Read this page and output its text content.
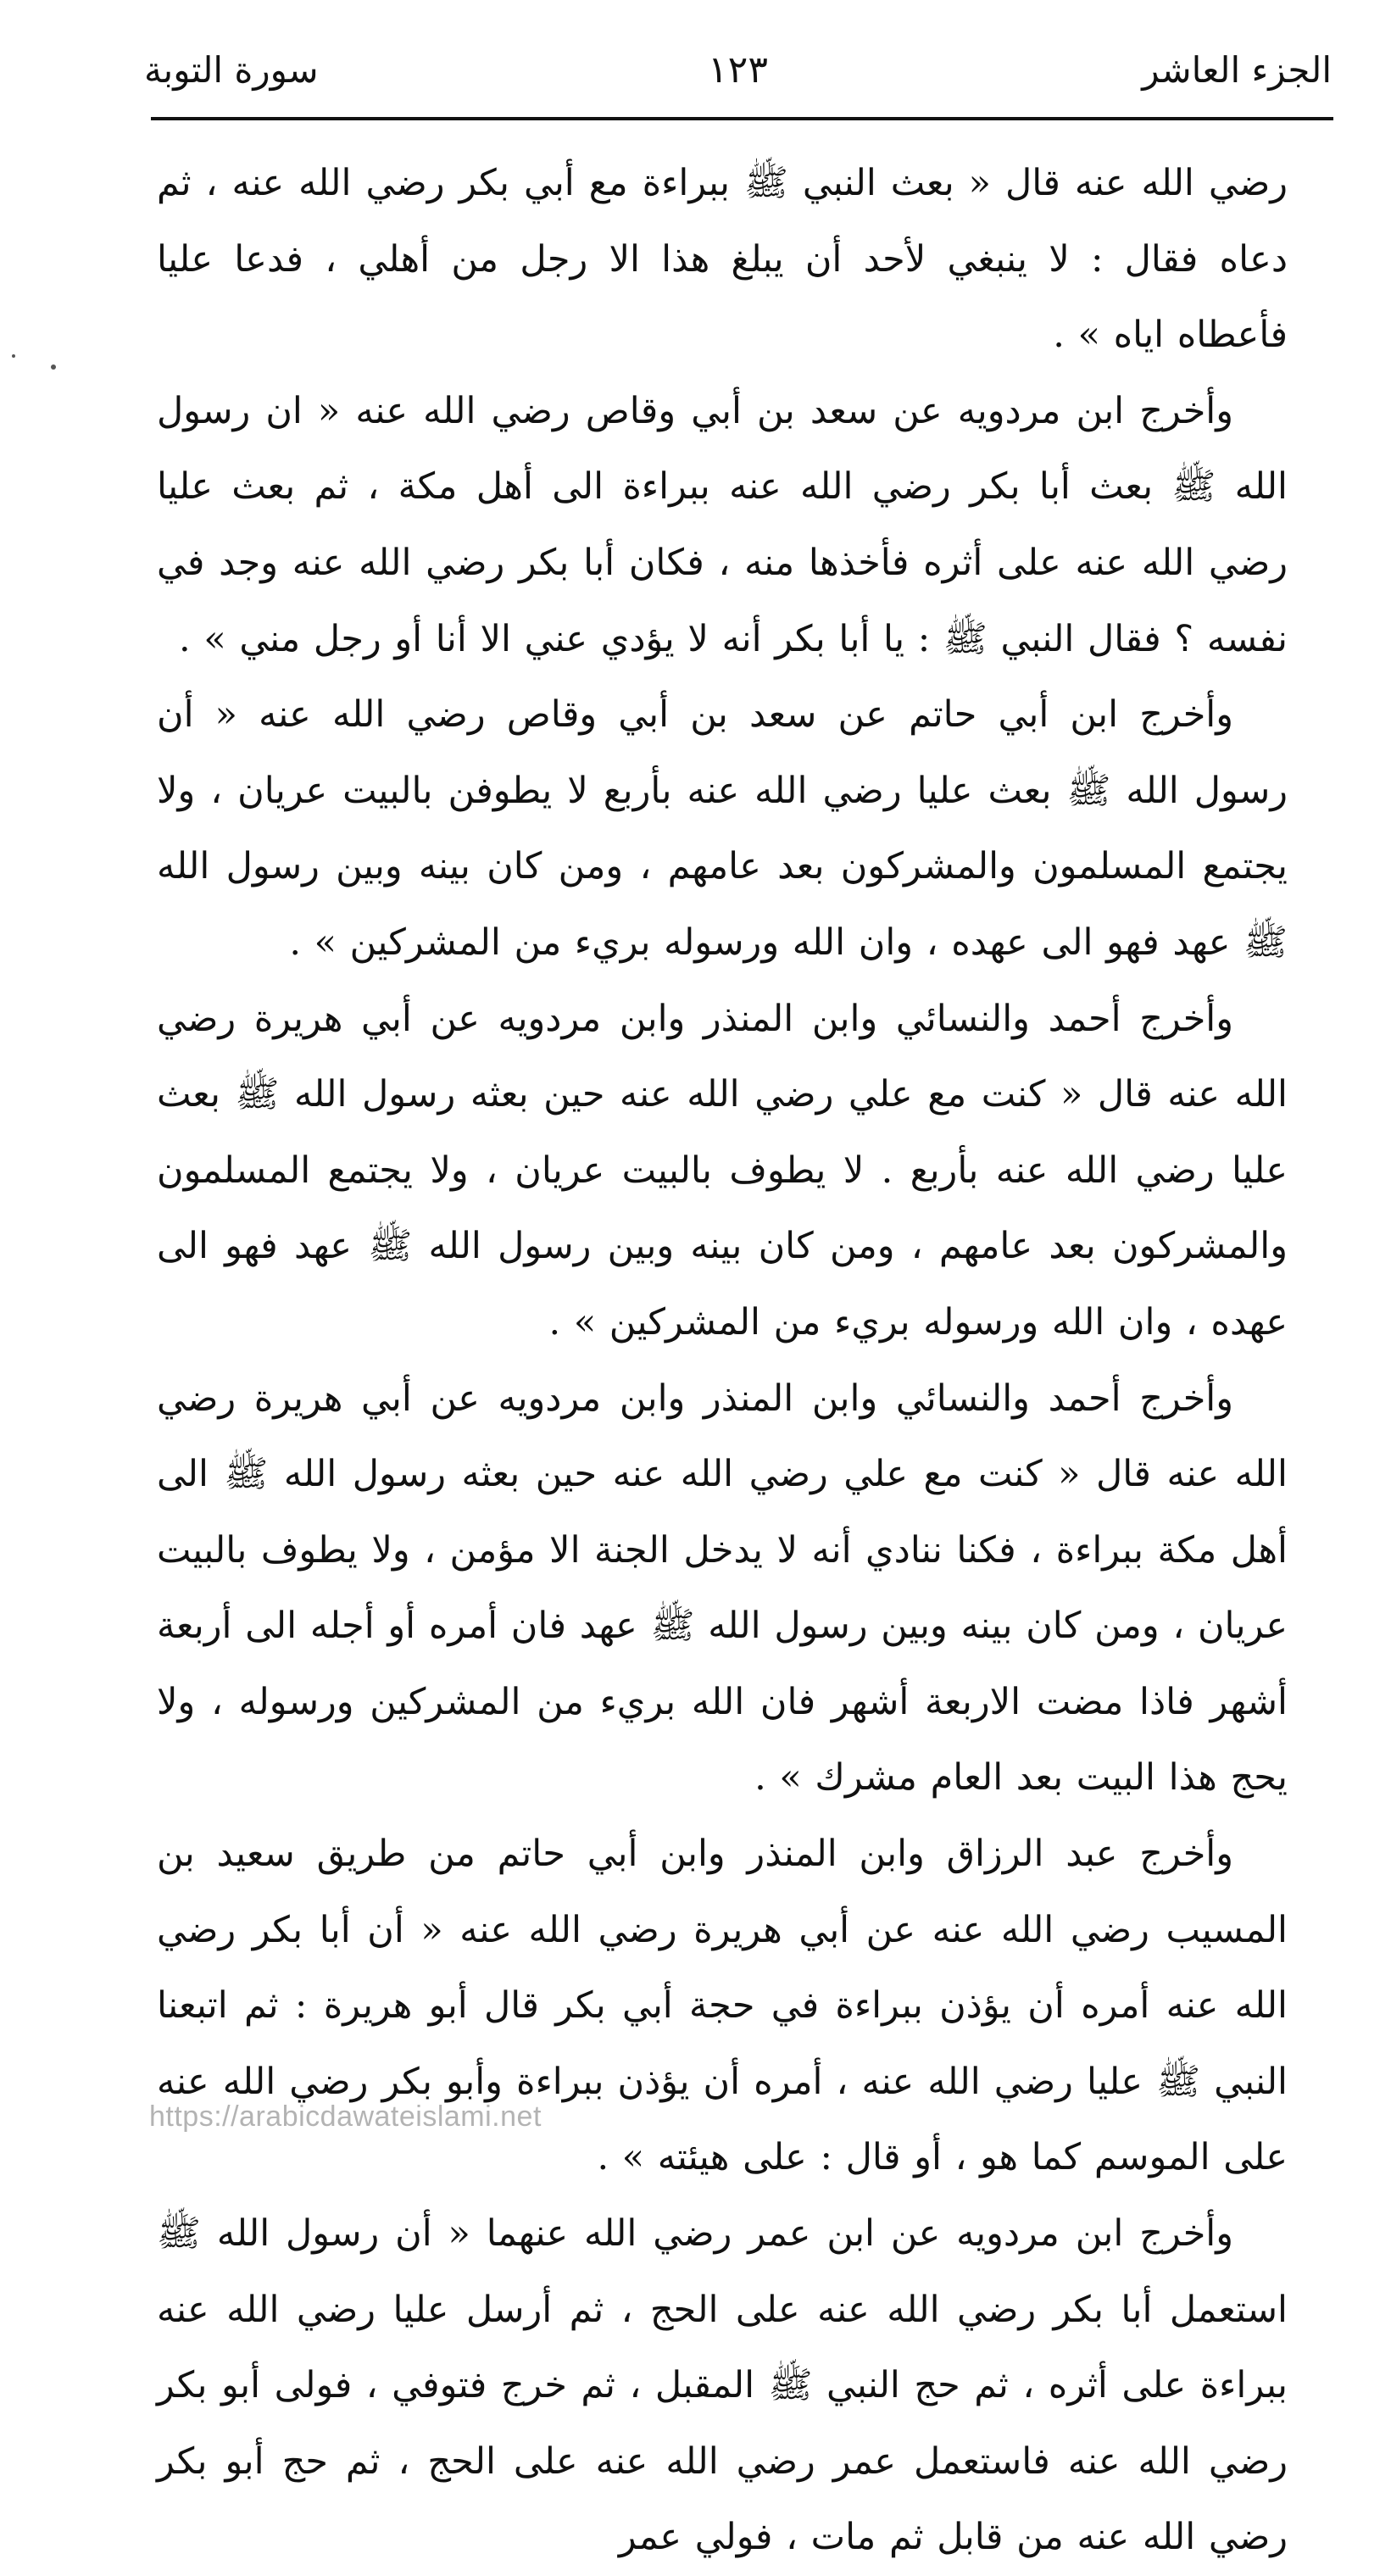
الجزء العاشر
١٢٣
سورة التوبة

رضي الله عنه قال « بعث النبي ﷺ ببراءة مع أبي بكر رضي الله عنه ، ثم دعاه فقال : لا ينبغي لأحد أن يبلغ هذا الا رجل من أهلي ، فدعا عليا فأعطاه اياه » .

وأخرج ابن مردويه عن سعد بن أبي وقاص رضي الله عنه « ان رسول الله ﷺ بعث أبا بكر رضي الله عنه ببراءة الى أهل مكة ، ثم بعث عليا رضي الله عنه على أثره فأخذها منه ، فكان أبا بكر رضي الله عنه وجد في نفسه ؟ فقال النبي ﷺ : يا أبا بكر أنه لا يؤدي عني الا أنا أو رجل مني » .

وأخرج ابن أبي حاتم عن سعد بن أبي وقاص رضي الله عنه « أن رسول الله ﷺ بعث عليا رضي الله عنه بأربع لا يطوفن بالبيت عريان ، ولا يجتمع المسلمون والمشركون بعد عامهم ، ومن كان بينه وبين رسول الله ﷺ عهد فهو الى عهده ، وان الله ورسوله بريء من المشركين » .

وأخرج أحمد والنسائي وابن المنذر وابن مردويه عن أبي هريرة رضي الله عنه قال « كنت مع علي رضي الله عنه حين بعثه رسول الله ﷺ بعث عليا رضي الله عنه بأربع . لا يطوف بالبيت عريان ، ولا يجتمع المسلمون والمشركون بعد عامهم ، ومن كان بينه وبين رسول الله ﷺ عهد فهو الى عهده ، وان الله ورسوله بريء من المشركين » .

وأخرج أحمد والنسائي وابن المنذر وابن مردويه عن أبي هريرة رضي الله عنه قال « كنت مع علي رضي الله عنه حين بعثه رسول الله ﷺ الى أهل مكة ببراءة ، فكنا ننادي أنه لا يدخل الجنة الا مؤمن ، ولا يطوف بالبيت عريان ، ومن كان بينه وبين رسول الله ﷺ عهد فان أمره أو أجله الى أربعة أشهر فاذا مضت الاربعة أشهر فان الله بريء من المشركين ورسوله ، ولا يحج هذا البيت بعد العام مشرك » .

وأخرج عبد الرزاق وابن المنذر وابن أبي حاتم من طريق سعيد بن المسيب رضي الله عنه عن أبي هريرة رضي الله عنه « أن أبا بكر رضي الله عنه أمره أن يؤذن ببراءة في حجة أبي بكر قال أبو هريرة : ثم اتبعنا النبي ﷺ عليا رضي الله عنه ، أمره أن يؤذن ببراءة وأبو بكر رضي الله عنه على الموسم كما هو ، أو قال : على هيئته » .

وأخرج ابن مردويه عن ابن عمر رضي الله عنهما « أن رسول الله ﷺ استعمل أبا بكر رضي الله عنه على الحج ، ثم أرسل عليا رضي الله عنه ببراءة على أثره ، ثم حج النبي ﷺ المقبل ، ثم خرج فتوفي ، فولى أبو بكر رضي الله عنه فاستعمل عمر رضي الله عنه على الحج ، ثم حج أبو بكر رضي الله عنه من قابل ثم مات ، فولي عمر

https://arabicdawateislami.net
